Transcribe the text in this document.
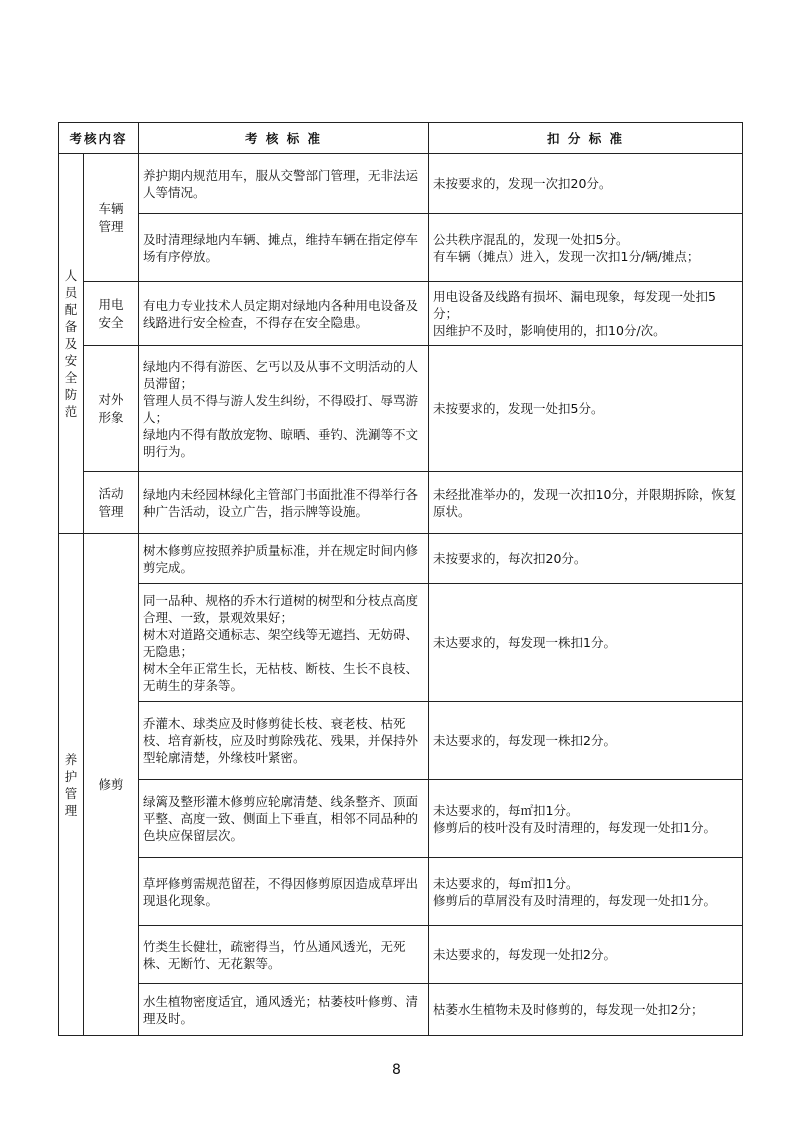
考核内容		考 核 标 准	扣 分 标 准

人员配备及安全防范	车辆管理	养护期内规范用车，服从交警部门管理，无非法运人等情况。	未按要求的，发现一次扣20分。

		及时清理绿地内车辆、摊点，维持车辆在指定停车场有序停放。	公共秩序混乱的，发现一处扣5分。
有车辆（摊点）进入，发现一次扣1分/辆/摊点；

	用电安全	有电力专业技术人员定期对绿地内各种用电设备及线路进行安全检查，不得存在安全隐患。	用电设备及线路有损坏、漏电现象，每发现一处扣5分；
因维护不及时，影响使用的，扣10分/次。

	对外形象	绿地内不得有游医、乞丐以及从事不文明活动的人员滞留；
管理人员不得与游人发生纠纷，不得殴打、辱骂游人；
绿地内不得有散放宠物、晾晒、垂钓、洗涮等不文明行为。	未按要求的，发现一处扣5分。

	活动管理	绿地内未经园林绿化主管部门书面批准不得举行各种广告活动，设立广告，指示牌等设施。	未经批准举办的，发现一次扣10分，并限期拆除，恢复原状。

养护管理	修剪	树木修剪应按照养护质量标准，并在规定时间内修剪完成。	未按要求的，每次扣20分。

		同一品种、规格的乔木行道树的树型和分枝点高度合理、一致，景观效果好；
树木对道路交通标志、架空线等无遮挡、无妨碍、无隐患；
树木全年正常生长，无枯枝、断枝、生长不良枝、无萌生的芽条等。	未达要求的，每发现一株扣1分。

		乔灌木、球类应及时修剪徒长枝、衰老枝、枯死枝、培育新枝，应及时剪除残花、残果，并保持外型轮廓清楚，外缘枝叶紧密。	未达要求的，每发现一株扣2分。

		绿篱及整形灌木修剪应轮廓清楚、线条整齐、顶面平整、高度一致、侧面上下垂直，相邻不同品种的色块应保留层次。	未达要求的，每㎡扣1分。
修剪后的枝叶没有及时清理的，每发现一处扣1分。

		草坪修剪需规范留茬，不得因修剪原因造成草坪出现退化现象。	未达要求的，每㎡扣1分。
修剪后的草屑没有及时清理的，每发现一处扣1分。

		竹类生长健壮，疏密得当，竹丛通风透光，无死株、无断竹、无花絮等。	未达要求的，每发现一处扣2分。

		水生植物密度适宜，通风透光；枯萎枝叶修剪、清理及时。	枯萎水生植物未及时修剪的，每发现一处扣2分；
8
